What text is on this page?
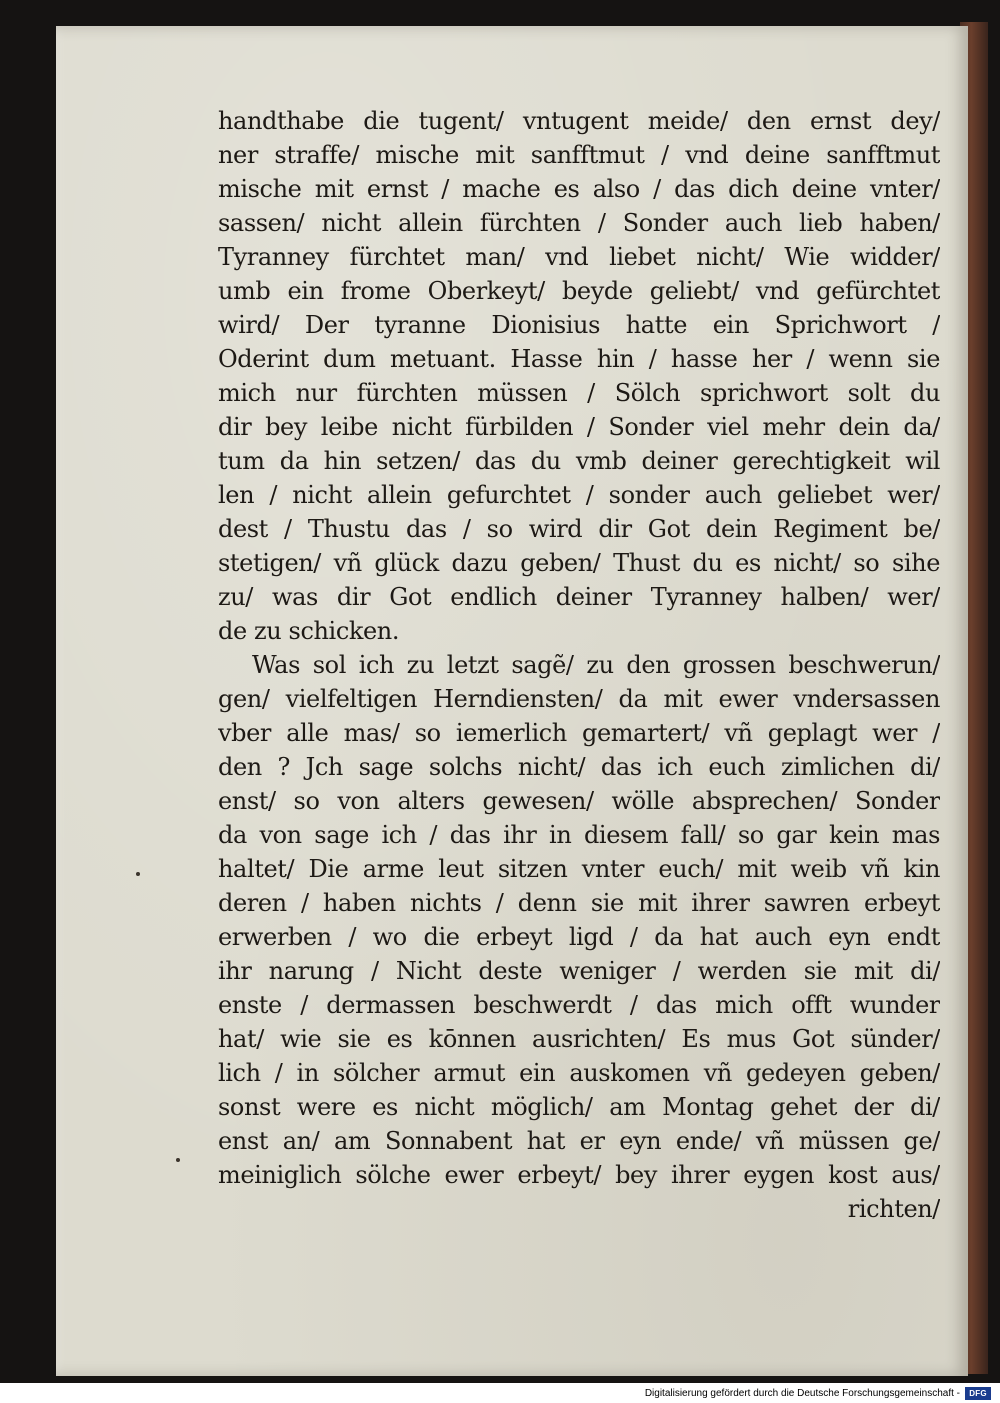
handthabe die tugent/ vntugent meide/ den ernst dey/
ner straffe/ mische mit sanfftmut / vnd deine sanfftmut
mische mit ernst / mache es also / das dich deine vnter/
sassen/ nicht allein fürchten / Sonder auch lieb haben/
Tyranney fürchtet man/ vnd liebet nicht/ Wie widder/
umb ein frome Oberkeyt/ beyde geliebt/ vnd gefürchtet
wird/ Der tyranne Dionisius hatte ein Sprichwort /
Oderint dum metuant. Hasse hin / hasse her / wenn sie
mich nur fürchten müssen / Sölch sprichwort solt du
dir bey leibe nicht fürbilden / Sonder viel mehr dein da/
tum da hin setzen/ das du vmb deiner gerechtigkeit wil
len / nicht allein gefurchtet / sonder auch geliebet wer/
dest / Thustu das / so wird dir Got dein Regiment be/
stetigen/ vñ glück dazu geben/ Thust du es nicht/ so sihe
zu/ was dir Got endlich deiner Tyranney halben/ wer/
de zu schicken.
Was sol ich zu letzt sagẽ/ zu den grossen beschwerun/
gen/ vielfeltigen Herndiensten/ da mit ewer vndersassen
vber alle mas/ so iemerlich gemartert/ vñ geplagt wer /
den ? Jch sage solchs nicht/ das ich euch zimlichen di/
enst/ so von alters gewesen/ wölle absprechen/ Sonder
da von sage ich / das ihr in diesem fall/ so gar kein mas
haltet/ Die arme leut sitzen vnter euch/ mit weib vñ kin
deren / haben nichts / denn sie mit ihrer sawren erbeyt
erwerben / wo die erbeyt ligd / da hat auch eyn endt
ihr narung / Nicht deste weniger / werden sie mit di/
enste / dermassen beschwerdt / das mich offt wunder
hat/ wie sie es kōnnen ausrichten/ Es mus Got sünder/
lich / in sölcher armut ein auskomen vñ gedeyen geben/
sonst were es nicht möglich/ am Montag gehet der di/
enst an/ am Sonnabent hat er eyn ende/ vñ müssen ge/
meiniglich sölche ewer erbeyt/ bey ihrer eygen kost aus/
richten/
Digitalisierung gefördert durch die Deutsche Forschungsgemeinschaft -	DFG
